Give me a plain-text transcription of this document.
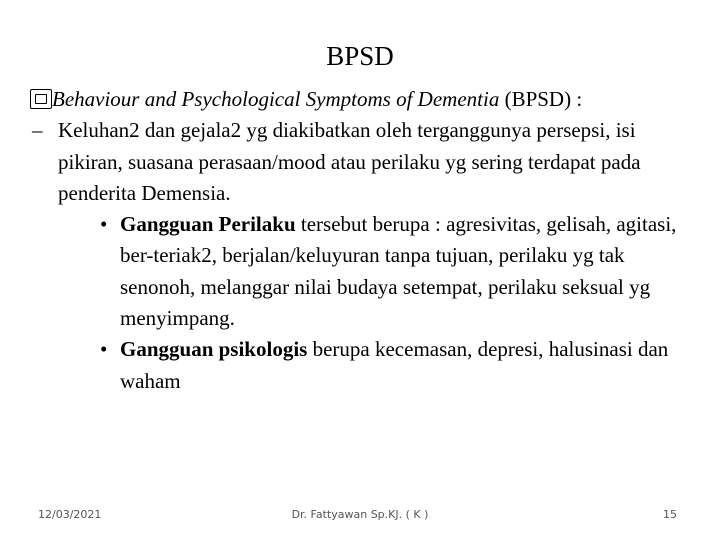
BPSD
Behaviour and Psychological Symptoms of Dementia (BPSD) :
– Keluhan2 dan gejala2 yg diakibatkan oleh terganggunya persepsi, isi pikiran, suasana perasaan/mood atau perilaku yg sering terdapat pada penderita Demensia.
• Gangguan Perilaku tersebut berupa : agresivitas, gelisah, agitasi, ber-teriak2, berjalan/keluyuran tanpa tujuan, perilaku yg tak senonoh, melanggar nilai budaya setempat, perilaku seksual yg menyimpang.
• Gangguan psikologis berupa kecemasan, depresi, halusinasi dan waham
12/03/2021	Dr. Fattyawan Sp.KJ. ( K )	15
